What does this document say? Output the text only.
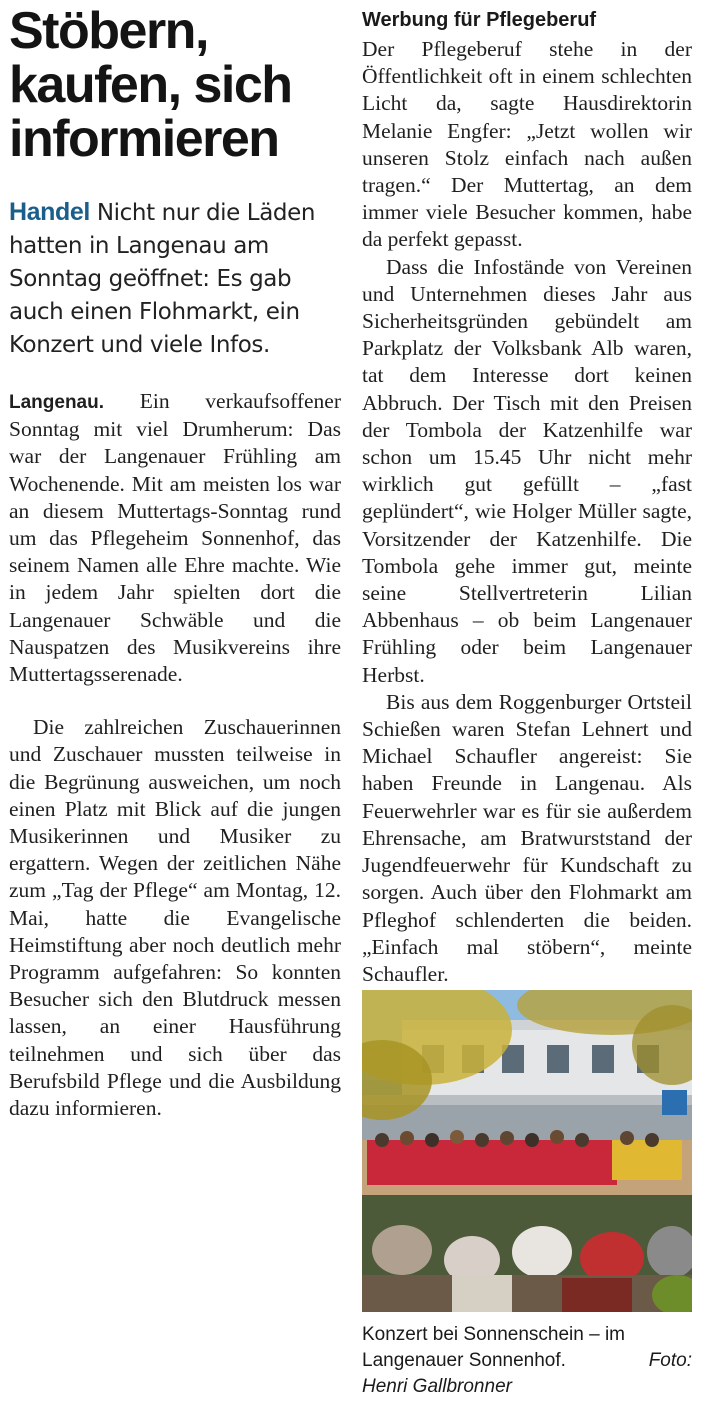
Stöbern, kaufen, sich informieren

Handel Nicht nur die Läden hatten in Langenau am Sonntag geöffnet: Es gab auch einen Flohmarkt, ein Konzert und viele Infos.

Langenau. Ein verkaufsoffener Sonntag mit viel Drumherum: Das war der Langenauer Frühling am Wochenende. Mit am meisten los war an diesem Muttertags-Sonntag rund um das Pflegeheim Sonnenhof, das seinem Namen alle Ehre machte. Wie in jedem Jahr spielten dort die Langenauer Schwäble und die Nauspatzen des Musikvereins ihre Muttertagsserenade.

Die zahlreichen Zuschauerinnen und Zuschauer mussten teilweise in die Begrünung ausweichen, um noch einen Platz mit Blick auf die jungen Musikerinnen und Musiker zu ergattern. Wegen der zeitlichen Nähe zum „Tag der Pflege“ am Montag, 12. Mai, hatte die Evangelische Heimstiftung aber noch deutlich mehr Programm aufgefahren: So konnten Besucher sich den Blutdruck messen lassen, an einer Hausführung teilnehmen und sich über das Berufsbild Pflege und die Ausbildung dazu informieren.

Werbung für Pflegeberuf

Der Pflegeberuf stehe in der Öffentlichkeit oft in einem schlechten Licht da, sagte Hausdirektorin Melanie Engfer: „Jetzt wollen wir unseren Stolz einfach nach außen tragen.“ Der Muttertag, an dem immer viele Besucher kommen, habe da perfekt gepasst.

Dass die Infostände von Vereinen und Unternehmen dieses Jahr aus Sicherheitsgründen gebündelt am Parkplatz der Volksbank Alb waren, tat dem Interesse dort keinen Abbruch. Der Tisch mit den Preisen der Tombola der Katzenhilfe war schon um 15.45 Uhr nicht mehr wirklich gut gefüllt – „fast geplündert“, wie Holger Müller sagte, Vorsitzender der Katzenhilfe. Die Tombola gehe immer gut, meinte seine Stellvertreterin Lilian Abbenhaus – ob beim Langenauer Frühling oder beim Langenauer Herbst.

Bis aus dem Roggenburger Ortsteil Schießen waren Stefan Lehnert und Michael Schaufler angereist: Sie haben Freunde in Langenau. Als Feuerwehrler war es für sie außerdem Ehrensache, am Bratwurststand der Jugendfeuerwehr für Kundschaft zu sorgen. Auch über den Flohmarkt am Pfleghof schlenderten die beiden. „Einfach mal stöbern“, meinte Schaufler.

Konzert bei Sonnenschein – im Langenauer Sonnenhof.	Foto:
Henri Gallbronner
